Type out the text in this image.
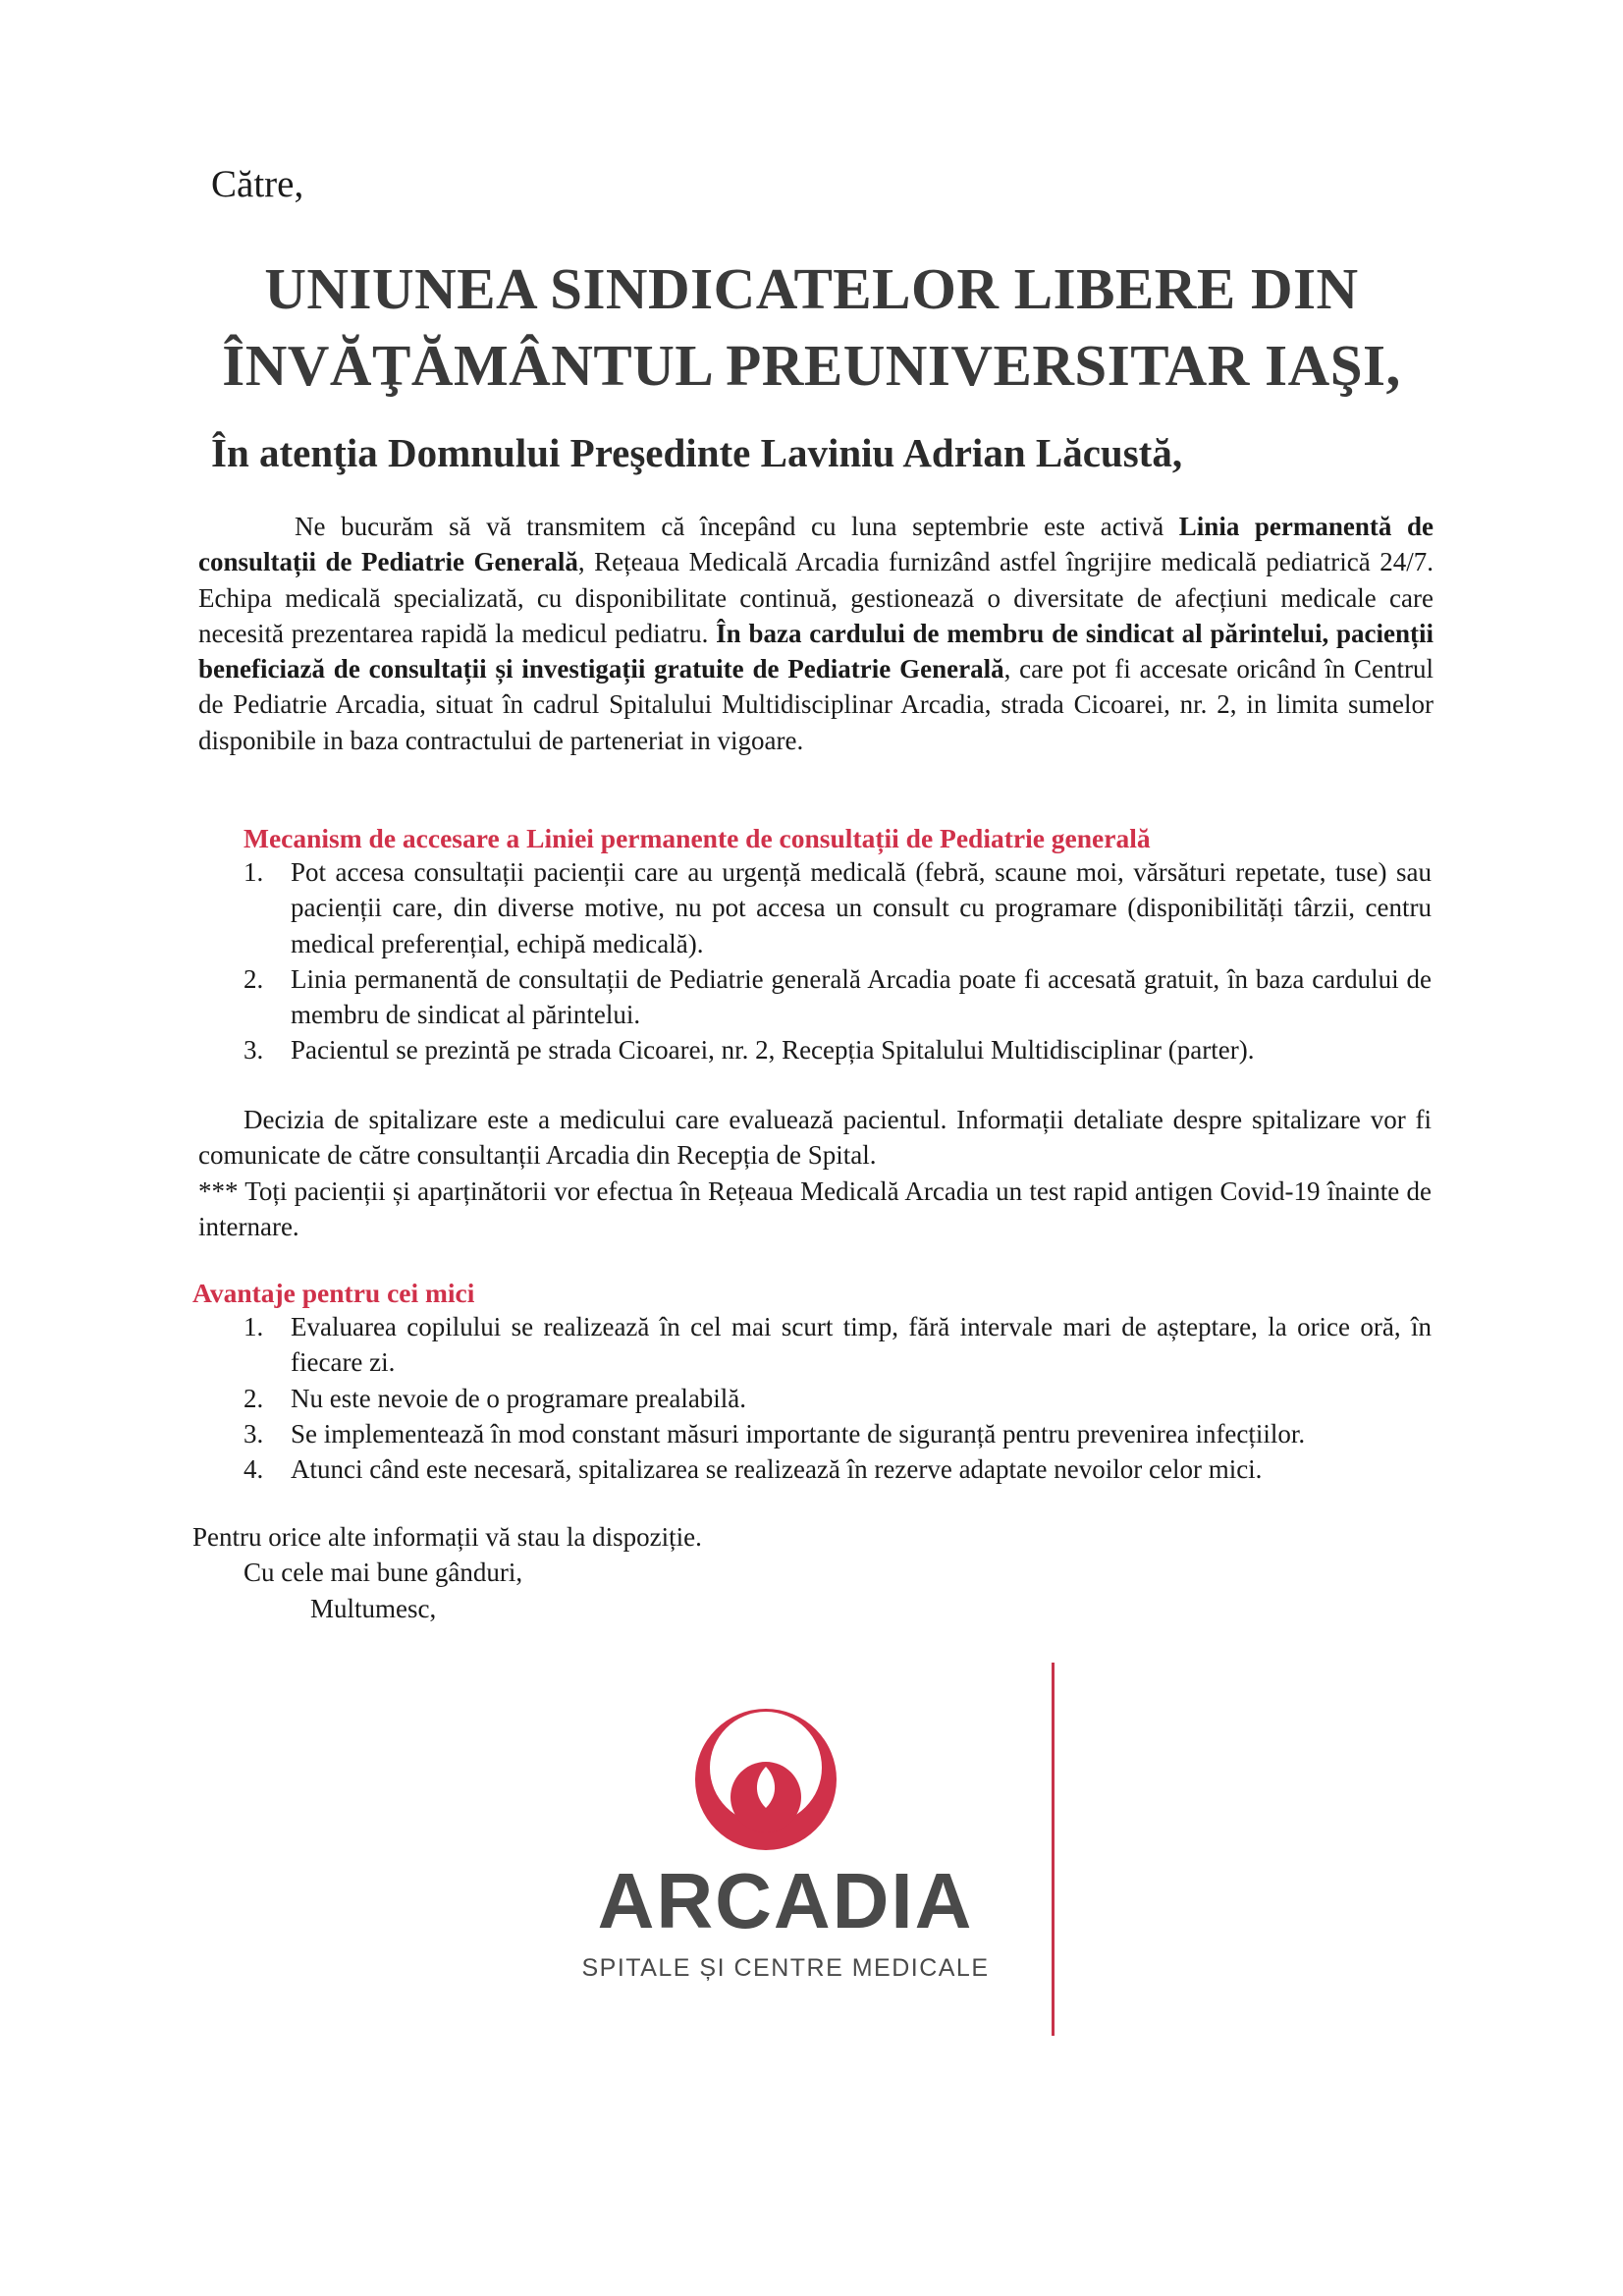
Către,
UNIUNEA SINDICATELOR LIBERE DIN
ÎNVĂŢĂMÂNTUL PREUNIVERSITAR IAŞI,
În atenţia Domnului Preşedinte Laviniu Adrian Lăcustă,
Ne bucurăm să vă transmitem că începând cu luna septembrie este activă Linia permanentă de consultații de Pediatrie Generală, Rețeaua Medicală Arcadia furnizând astfel îngrijire medicală pediatrică 24/7. Echipa medicală specializată, cu disponibilitate continuă, gestionează o diversitate de afecțiuni medicale care necesită prezentarea rapidă la medicul pediatru. În baza cardului de membru de sindicat al părintelui, pacienții beneficiază de consultații și investigații gratuite de Pediatrie Generală, care pot fi accesate oricând în Centrul de Pediatrie Arcadia, situat în cadrul Spitalului Multidisciplinar Arcadia, strada Cicoarei, nr. 2, in limita sumelor disponibile in baza contractului de parteneriat in vigoare.
Mecanism de accesare a Liniei permanente de consultații de Pediatrie generală
1. Pot accesa consultații pacienții care au urgență medicală (febră, scaune moi, vărsături repetate, tuse) sau pacienții care, din diverse motive, nu pot accesa un consult cu programare (disponibilități târzii, centru medical preferențial, echipă medicală).
2. Linia permanentă de consultații de Pediatrie generală Arcadia poate fi accesată gratuit, în baza cardului de membru de sindicat al părintelui.
3. Pacientul se prezintă pe strada Cicoarei, nr. 2, Recepția Spitalului Multidisciplinar (parter).
Decizia de spitalizare este a medicului care evaluează pacientul. Informații detaliate despre spitalizare vor fi comunicate de către consultanții Arcadia din Recepția de Spital.
*** Toți pacienții și aparținătorii vor efectua în Rețeaua Medicală Arcadia un test rapid antigen Covid-19 înainte de internare.
Avantaje pentru cei mici
1. Evaluarea copilului se realizează în cel mai scurt timp, fără intervale mari de așteptare, la orice oră, în fiecare zi.
2. Nu este nevoie de o programare prealabilă.
3. Se implementează în mod constant măsuri importante de siguranță pentru prevenirea infecțiilor.
4. Atunci când este necesară, spitalizarea se realizează în rezerve adaptate nevoilor celor mici.
Pentru orice alte informații vă stau la dispoziție.
Cu cele mai bune gânduri,
Multumesc,
ARCADIA
SPITALE ȘI CENTRE MEDICALE
